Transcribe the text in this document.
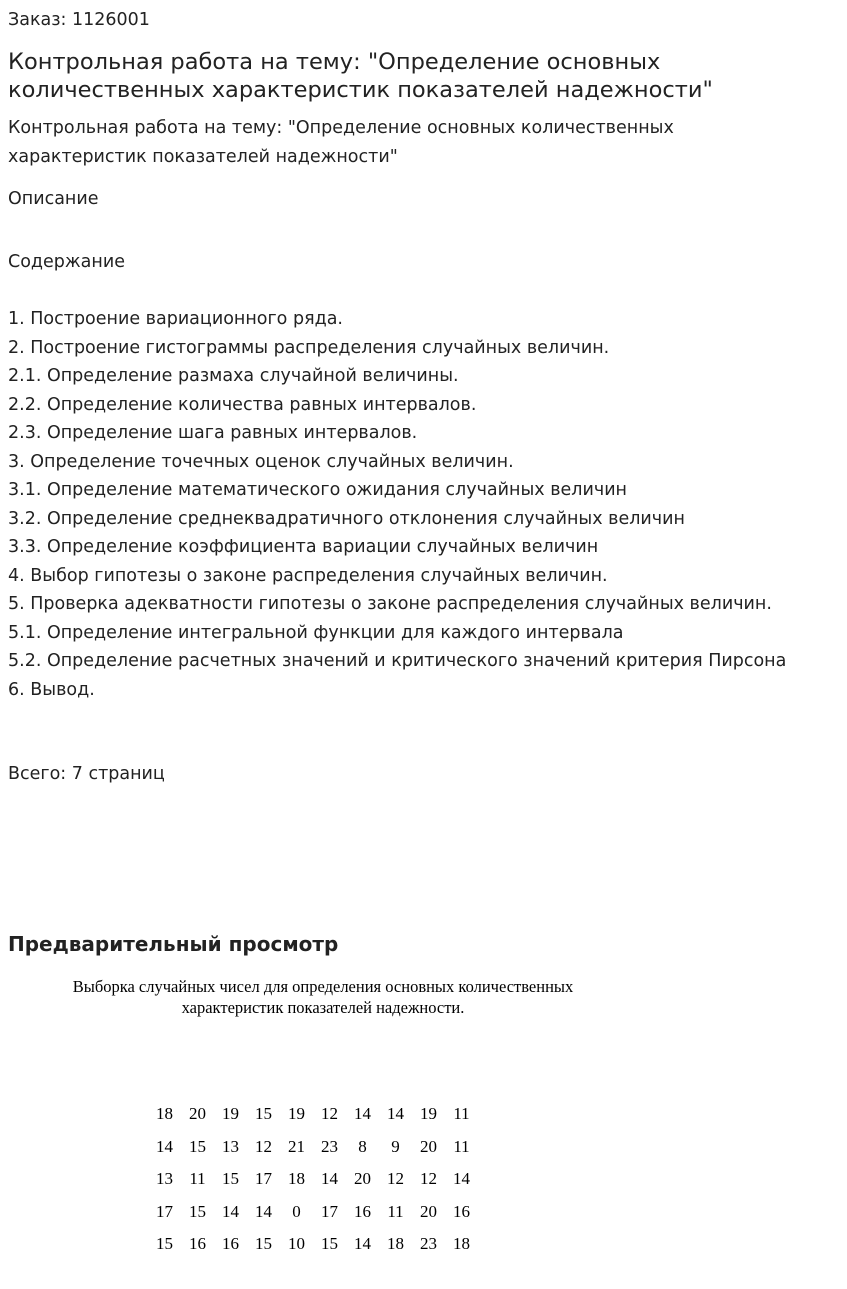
Заказ: 1126001
Контрольная работа на тему: "Определение основных количественных характеристик показателей надежности"
Контрольная работа на тему: "Определение основных количественных характеристик показателей надежности"
Описание
Содержание
1. Построение вариационного ряда.
2. Построение гистограммы распределения случайных величин.
2.1. Определение размаха случайной величины.
2.2. Определение количества равных интервалов.
2.3. Определение шага равных интервалов.
3. Определение точечных оценок случайных величин.
3.1. Определение математического ожидания случайных величин
3.2. Определение среднеквадратичного отклонения случайных величин
3.3. Определение коэффициента вариации случайных величин
4. Выбор гипотезы о законе распределения случайных величин.
5. Проверка адекватности гипотезы о законе распределения случайных величин.
5.1. Определение интегральной функции для каждого интервала
5.2. Определение расчетных значений и критического значений критерия Пирсона
6. Вывод.
Всего: 7 страниц
Предварительный просмотр
Выборка случайных чисел для определения основных количественных
характеристик показателей надежности.
18	20	19	15	19	12	14	14	19	11
14	15	13	12	21	23	8	9	20	11
13	11	15	17	18	14	20	12	12	14
17	15	14	14	0	17	16	11	20	16
15	16	16	15	10	15	14	18	23	18
